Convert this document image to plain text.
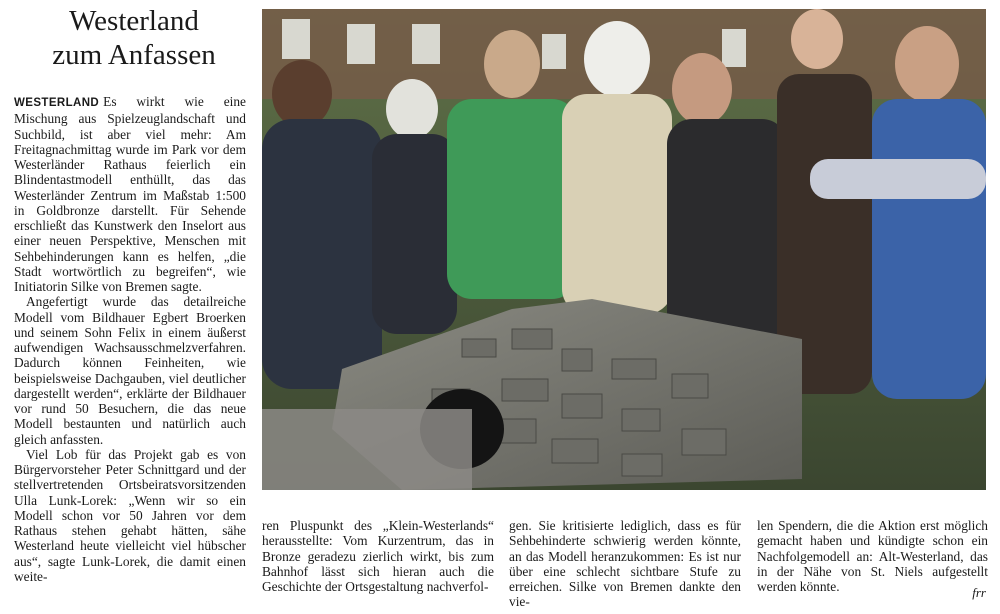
Westerland
zum Anfassen

WESTERLAND Es wirkt wie eine Mischung aus Spielzeuglandschaft und Suchbild, ist aber viel mehr: Am Freitagnachmittag wurde im Park vor dem Westerländer Rathaus feierlich ein Blindentastmodell enthüllt, das das Westerländer Zentrum im Maßstab 1:500 in Goldbronze darstellt. Für Sehende erschließt das Kunstwerk den Inselort aus einer neuen Perspektive, Menschen mit Sehbehinderungen kann es helfen, „die Stadt wortwörtlich zu begreifen“, wie Initiatorin Silke von Bremen sagte.

Angefertigt wurde das detailreiche Modell vom Bildhauer Egbert Broerken und seinem Sohn Felix in einem äußerst aufwendigen Wachsausschmelzverfahren. Dadurch können Feinheiten, wie beispielsweise Dachgauben, viel deutlicher dargestellt werden“, erklärte der Bildhauer vor rund 50 Besuchern, die das neue Modell bestaunten und natürlich auch gleich anfassten.

Viel Lob für das Projekt gab es von Bürgervorsteher Peter Schnittgard und der stellvertretenden Ortsbeiratsvorsitzenden Ulla Lunk-Lorek: „Wenn wir so ein Modell schon vor 50 Jahren vor dem Rathaus stehen gehabt hätten, sähe Westerland heute vielleicht viel hübscher aus“, sagte Lunk-Lorek, die damit einen weite-

ren Pluspunkt des „Klein-Westerlands“ herausstellte: Vom Kurzentrum, das in Bronze geradezu zierlich wirkt, bis zum Bahnhof lässt sich hieran auch die Geschichte der Ortsgestaltung nachverfol-

gen. Sie kritisierte lediglich, dass es für Sehbehinderte schwierig werden könnte, an das Modell heranzukommen: Es ist nur über eine schlecht sichtbare Stufe zu erreichen. Silke von Bremen dankte den vie-

len Spendern, die die Aktion erst möglich gemacht haben und kündigte schon ein Nachfolgemodell an: Alt-Westerland, das in der Nähe von St. Niels aufgestellt werden könnte.	frr
